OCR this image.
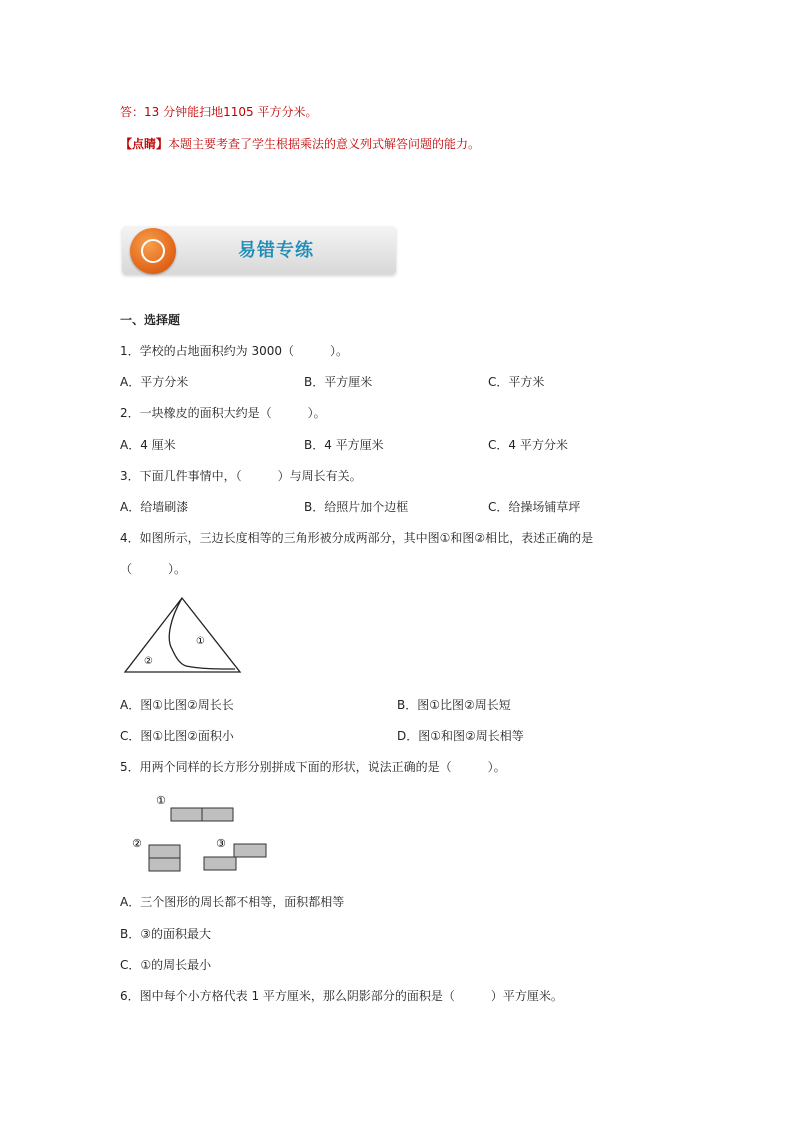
答：13 分钟能扫地1105 平方分米。
【点睛】本题主要考查了学生根据乘法的意义列式解答问题的能力。
易错专练
一、选择题
1．学校的占地面积约为 3000（　　　）。
A．平方分米	B．平方厘米	C．平方米
2．一块橡皮的面积大约是（　　　）。
A．4 厘米	B．4 平方厘米	C．4 平方分米
3．下面几件事情中，（　　　）与周长有关。
A．给墙刷漆	B．给照片加个边框	C．给操场铺草坪
4．如图所示，三边长度相等的三角形被分成两部分，其中图①和图②相比，表述正确的是
（　　　）。
①
②
A．图①比图②周长长	B．图①比图②周长短
C．图①比图②面积小	D．图①和图②周长相等
5．用两个同样的长方形分别拼成下面的形状，说法正确的是（　　　）。
①
②	③
A．三个图形的周长都不相等，面积都相等
B．③的面积最大
C．①的周长最小
6．图中每个小方格代表 1 平方厘米，那么阴影部分的面积是（　　　）平方厘米。
